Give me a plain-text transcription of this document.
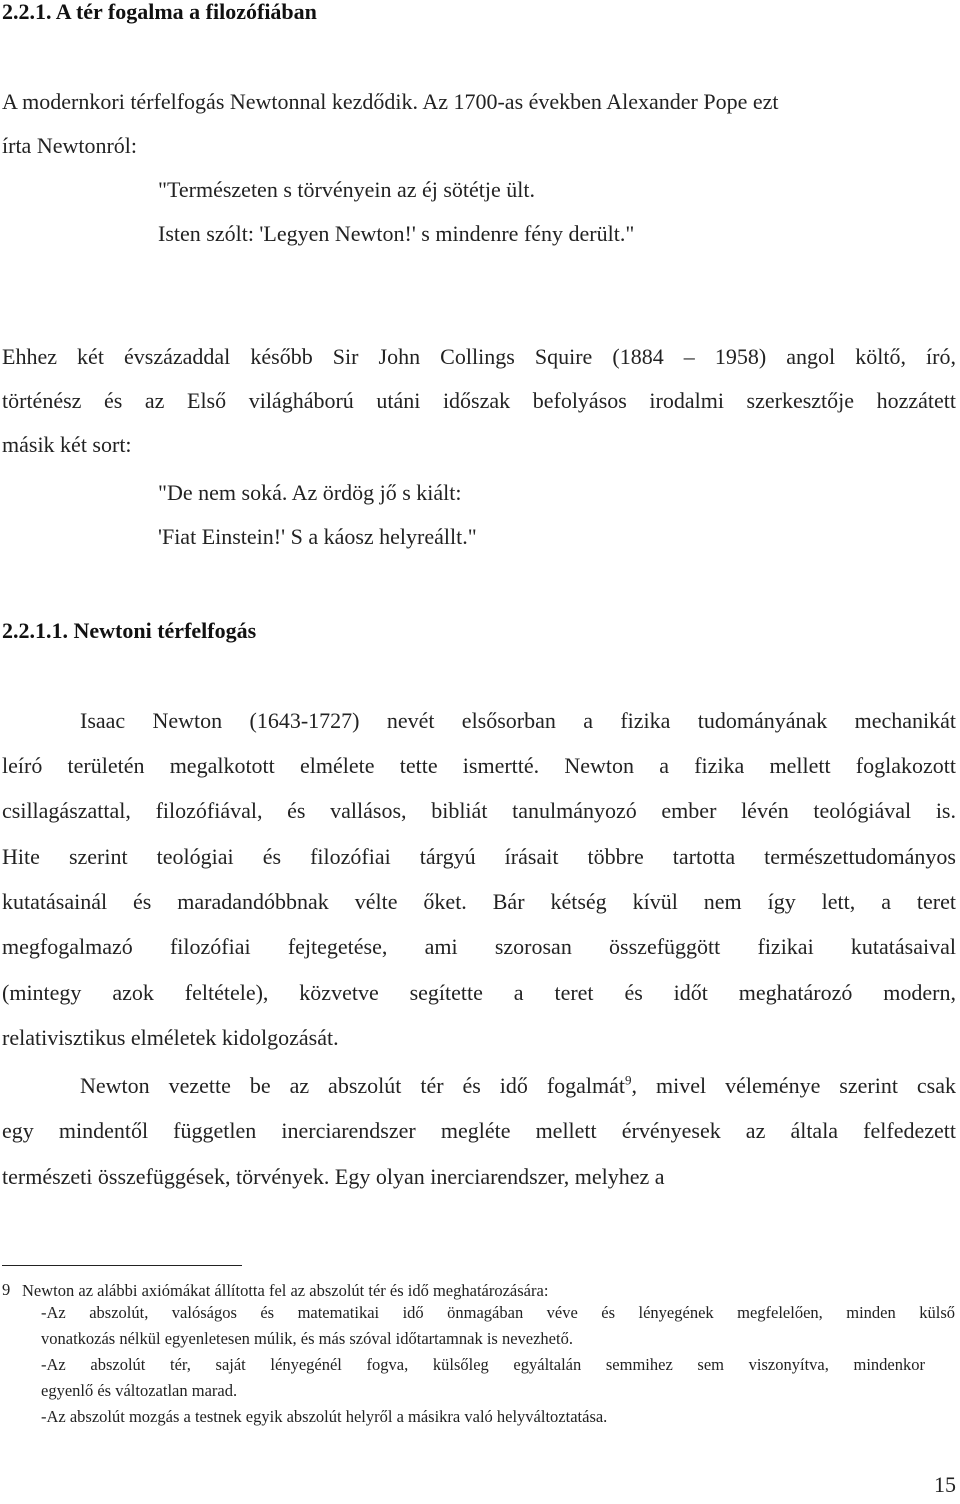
2.2.1. A tér fogalma a filozófiában
A modernkori térfelfogás Newtonnal kezdődik. Az 1700-as években Alexander Pope ezt
írta Newtonról:
"Természeten s törvényein az éj sötétje ült.
Isten szólt: 'Legyen Newton!' s mindenre fény derült."
Ehhez két évszázaddal később Sir John Collings Squire (1884 – 1958) angol költő, író,
történész és az Első világháború utáni időszak befolyásos irodalmi szerkesztője hozzátett
másik két sort:
"De nem soká. Az ördög jő s kiált:
'Fiat Einstein!' S a káosz helyreállt."
2.2.1.1. Newtoni térfelfogás
Isaac Newton (1643-1727) nevét elsősorban a fizika tudományának mechanikát
leíró területén megalkotott elmélete tette ismertté. Newton a fizika mellett foglakozott
csillagászattal, filozófiával, és vallásos, bibliát tanulmányozó ember lévén teológiával is.
Hite szerint teológiai és filozófiai tárgyú írásait többre tartotta természettudományos
kutatásainál és maradandóbbnak vélte őket. Bár kétség kívül nem így lett, a teret
megfogalmazó filozófiai fejtegetése, ami szorosan összefüggött fizikai kutatásaival
(mintegy azok feltétele), közvetve segítette a teret és időt meghatározó modern,
relativisztikus elméletek kidolgozását.
Newton vezette be az abszolút tér és idő fogalmát$^9$, mivel véleménye szerint csak
egy mindentől független inerciarendszer megléte mellett érvényesek az általa felfedezett
természeti összefüggések, törvények. Egy olyan inerciarendszer, melyhez a
9 Newton az alábbi axiómákat állította fel az abszolút tér és idő meghatározására:
-Az abszolút, valóságos és matematikai idő önmagában véve és lényegének megfelelően, minden külső
vonatkozás nélkül egyenletesen múlik, és más szóval időtartamnak is nevezhető.
-Az abszolút tér, saját lényegénél fogva, külsőleg egyáltalán semmihez sem viszonyítva, mindenkor
egyenlő és változatlan marad.
-Az abszolút mozgás a testnek egyik abszolút helyről a másikra való helyváltoztatása.
15
